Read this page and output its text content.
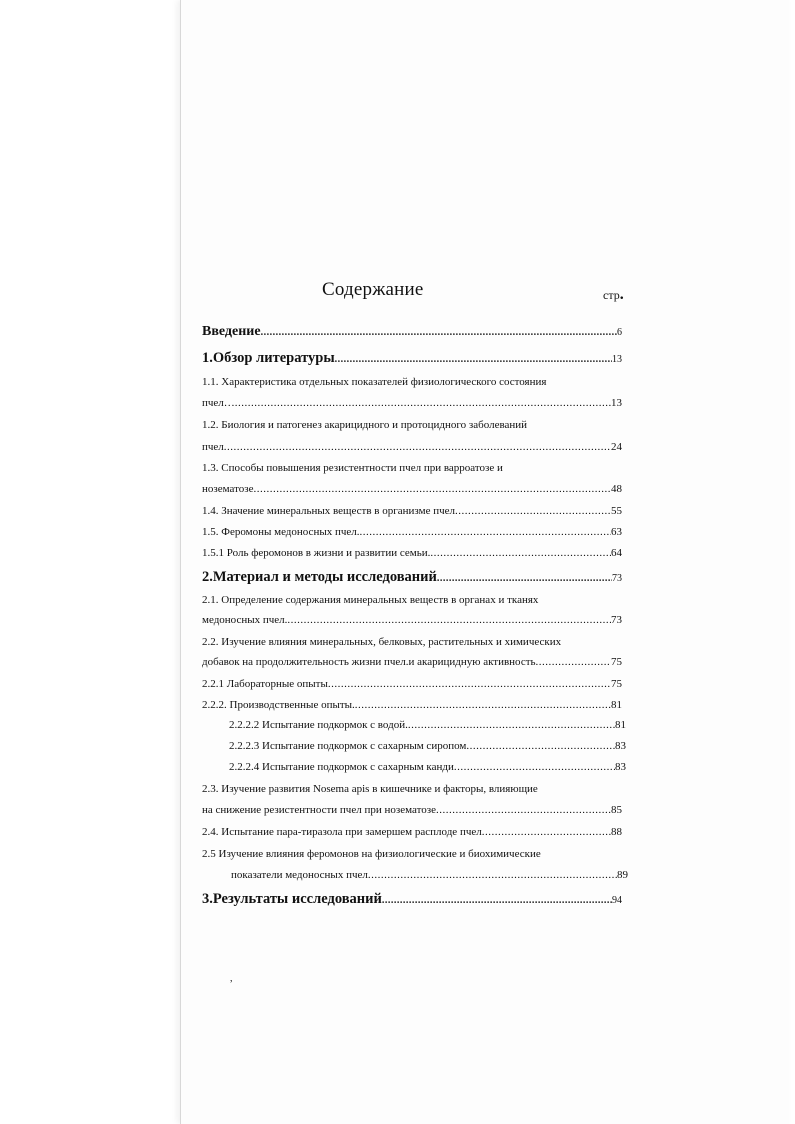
Содержание	стр.
Введение .....	6
1.Обзор литературы .....	13
1.1. Характеристика отдельных показателей физиологического состояния
пчел… .....	13
1.2. Биология и патогенез акарицидного и протоцидного заболеваний
пчел .....	24
1.3. Способы повышения резистентности пчел при варроатозе и
нозематозе .....	48
1.4. Значение минеральных веществ в организме пчел .....	55
1.5. Феромоны медоносных пчел. .....	63
1.5.1 Роль феромонов в жизни и развитии семьи. .....	64
2.Материал и методы исследований .....	73
2.1. Определение содержания минеральных веществ в органах и тканях
медоносных пчел. .....	73
2.2. Изучение влияния минеральных, белковых, растительных и химических
добавок на продолжительность жизни пчел.и акарицидную активность .....	75
2.2.1 Лабораторные опыты .....	75
2.2.2. Производственные опыты. .....	81
2.2.2.2 Испытание подкормок с водой. .....	81
2.2.2.3 Испытание подкормок с сахарным сиропом .....	83
2.2.2.4 Испытание подкормок с сахарным канди .....	83
2.3. Изучение развития Nosema apis в кишечнике и факторы, влияющие
на снижение резистентности пчел при нозематозе .....	85
2.4. Испытание пара-тиразола при замершем расплоде пчел .....	88
2.5 Изучение влияния феромонов на физиологические и биохимические
показатели медоносных пчел .....	89
3.Результаты исследований .....	94
,
